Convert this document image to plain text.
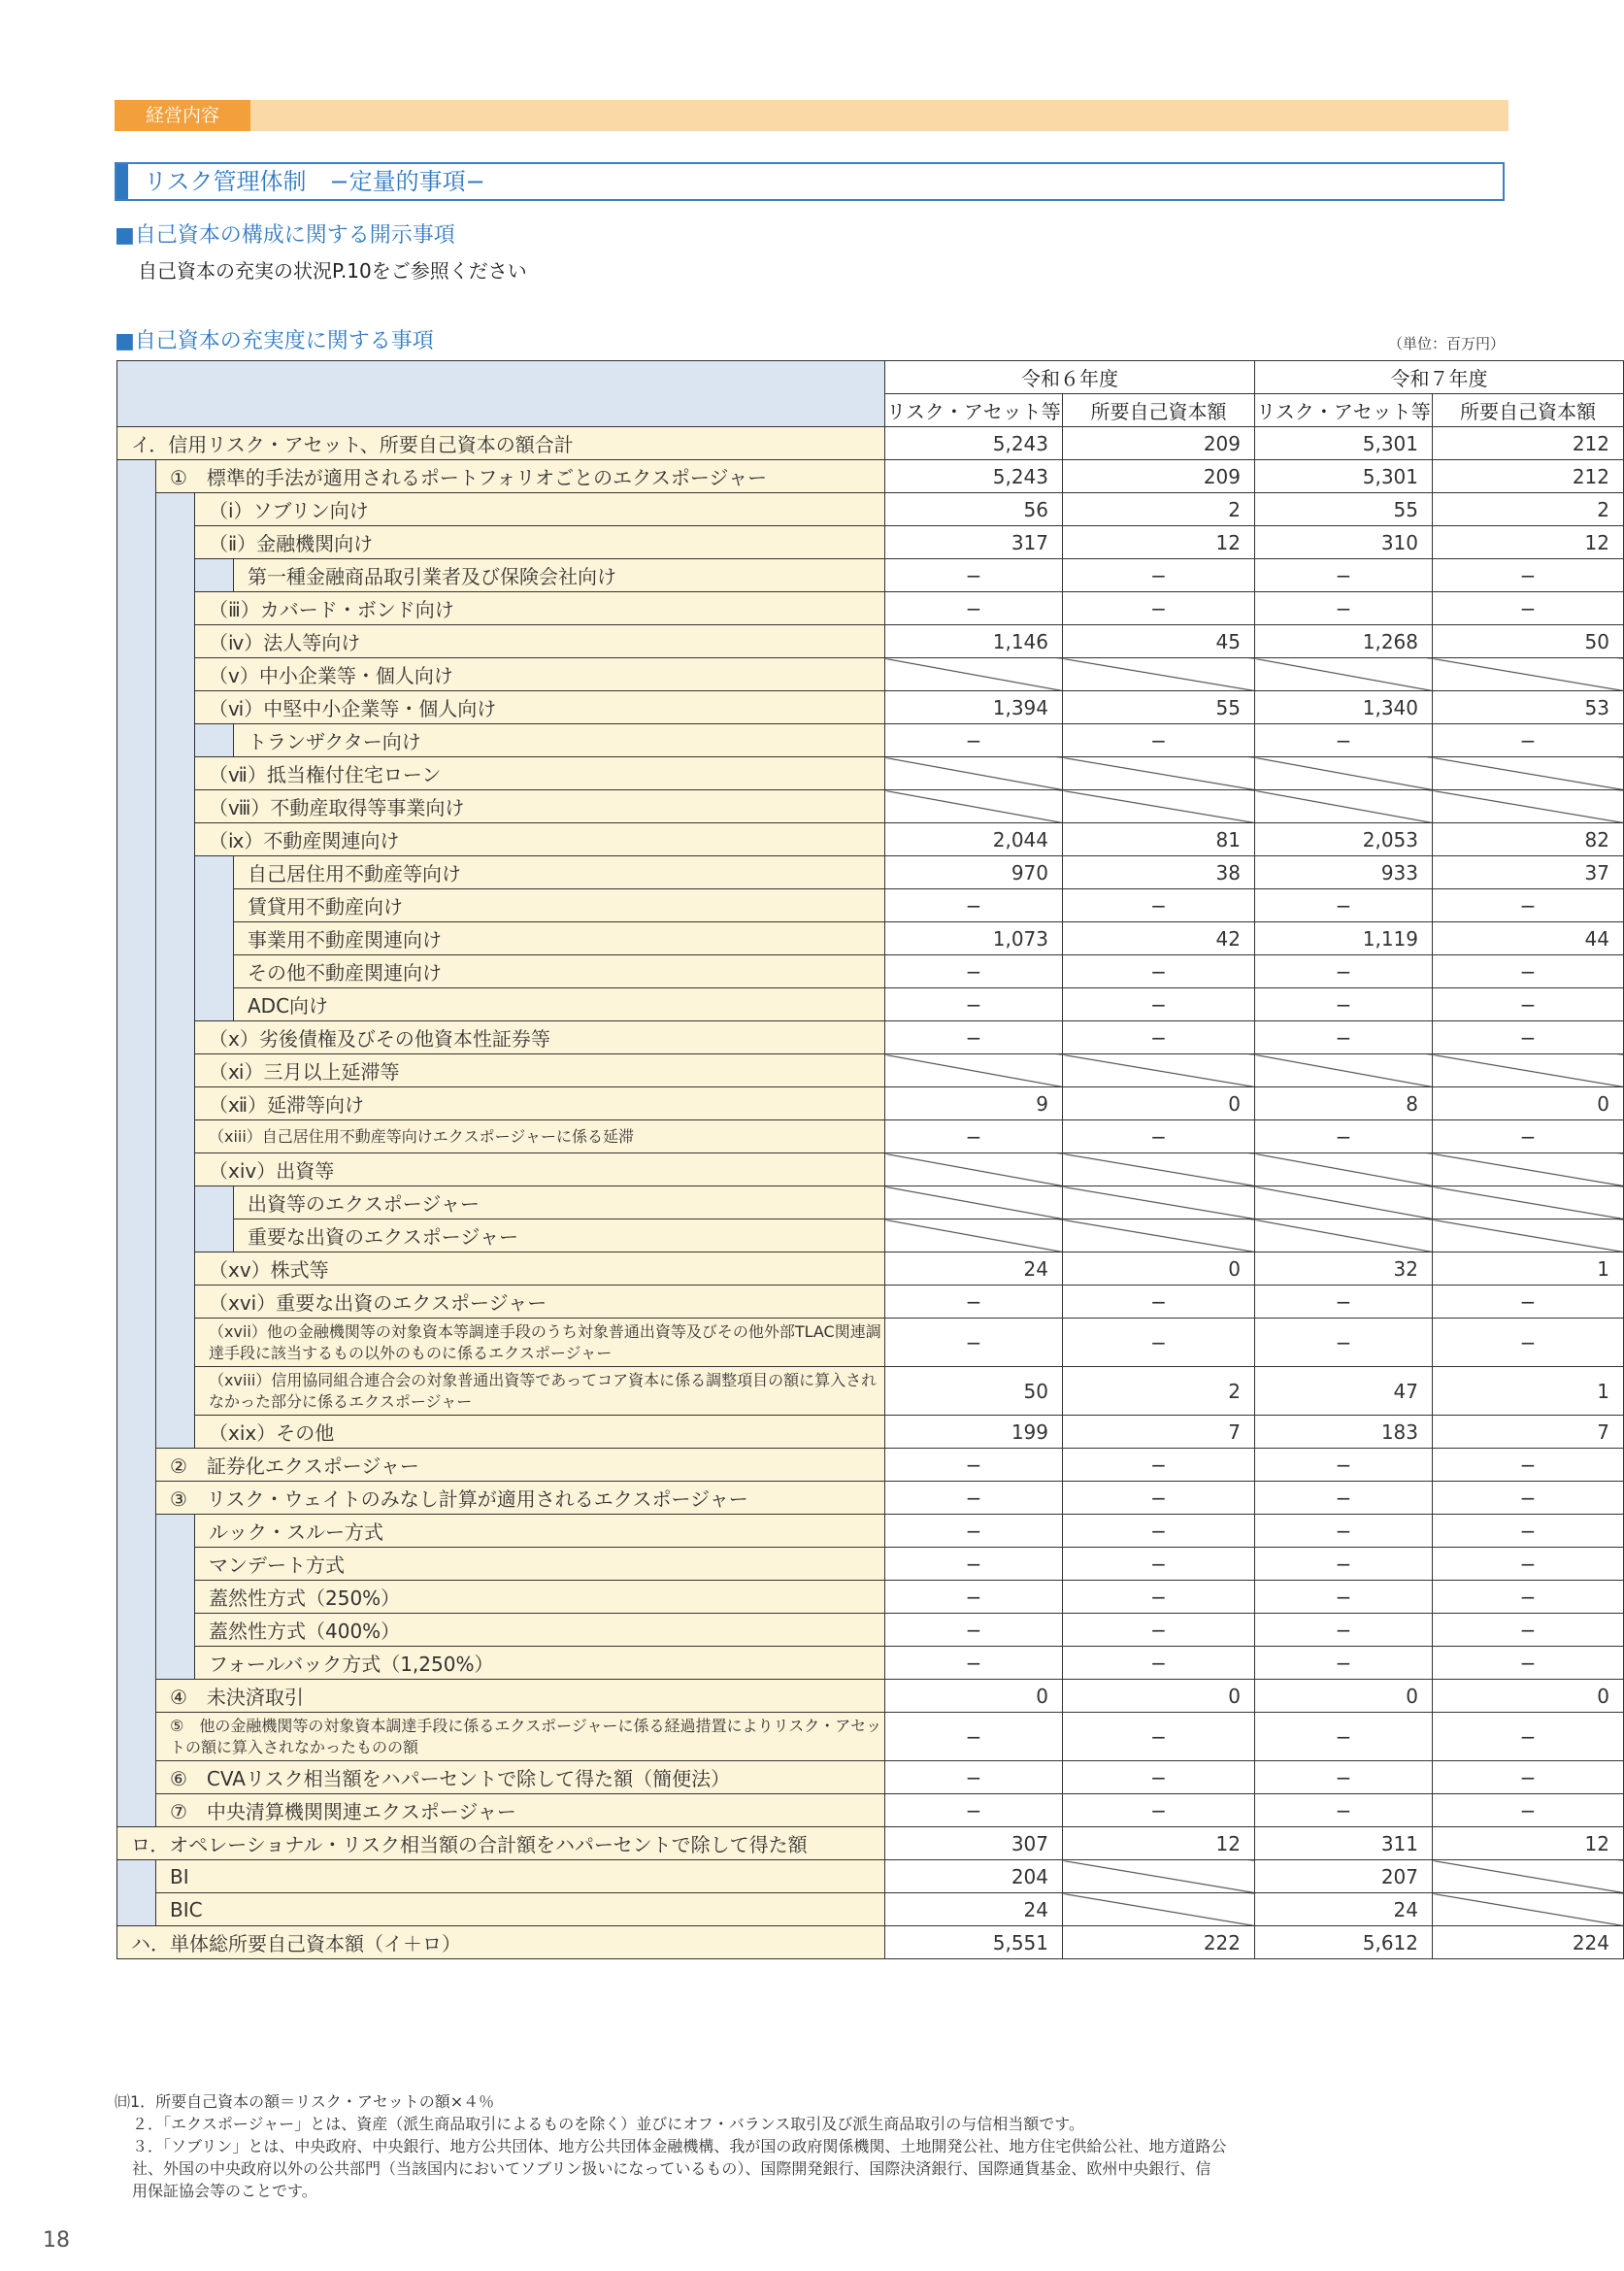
経営内容
リスク管理体制　−定量的事項−
■自己資本の構成に関する開示事項
自己資本の充実の状況P.10をご参照ください
■自己資本の充実度に関する事項	（単位：百万円）
				令和６年度		令和７年度	
				リスク・アセット等	所要自己資本額	リスク・アセット等	所要自己資本額
イ．信用リスク・アセット、所要自己資本の額合計				5,243	209	5,301	212
	①　標準的手法が適用されるポートフォリオごとのエクスポージャー			5,243	209	5,301	212
		（ⅰ）ソブリン向け		56	2	55	2
		（ⅱ）金融機関向け		317	12	310	12
			第一種金融商品取引業者及び保険会社向け	−	−	−	−
		（ⅲ）カバード・ボンド向け		−	−	−	−
		（ⅳ）法人等向け		1,146	45	1,268	50
		（ⅴ）中小企業等・個人向け					
		（ⅵ）中堅中小企業等・個人向け		1,394	55	1,340	53
			トランザクター向け	−	−	−	−
		（ⅶ）抵当権付住宅ローン					
		（ⅷ）不動産取得等事業向け					
		（ⅸ）不動産関連向け		2,044	81	2,053	82
			自己居住用不動産等向け	970	38	933	37
			賃貸用不動産向け	−	−	−	−
			事業用不動産関連向け	1,073	42	1,119	44
			その他不動産関連向け	−	−	−	−
			ADC向け	−	−	−	−
		（ⅹ）劣後債権及びその他資本性証券等		−	−	−	−
		（ⅺ）三月以上延滞等					
		（ⅻ）延滞等向け		9	0	8	0
		（xiii）自己居住用不動産等向けエクスポージャーに係る延滞		−	−	−	−
		（xiv）出資等					
			出資等のエクスポージャー				
			重要な出資のエクスポージャー				
		（xv）株式等		24	0	32	1
		（xvi）重要な出資のエクスポージャー		−	−	−	−
		（xvii）他の金融機関等の対象資本等調達手段のうち対象普通出資等及びその他外部TLAC関連調達手段に該当するもの以外のものに係るエクスポージャー		−	−	−	−
		（xviii）信用協同組合連合会の対象普通出資等であってコア資本に係る調整項目の額に算入されなかった部分に係るエクスポージャー		50	2	47	1
		（xix）その他		199	7	183	7
	②　証券化エクスポージャー			−	−	−	−
	③　リスク・ウェイトのみなし計算が適用されるエクスポージャー			−	−	−	−
		ルック・スルー方式		−	−	−	−
		マンデート方式		−	−	−	−
		蓋然性方式（250%）		−	−	−	−
		蓋然性方式（400%）		−	−	−	−
		フォールバック方式（1,250%）		−	−	−	−
	④　未決済取引			0	0	0	0
	⑤　他の金融機関等の対象資本調達手段に係るエクスポージャーに係る経過措置によりリスク・アセットの額に算入されなかったものの額			−	−	−	−
	⑥　CVAリスク相当額をハパーセントで除して得た額（簡便法）			−	−	−	−
	⑦　中央清算機関関連エクスポージャー			−	−	−	−
ロ．オペレーショナル・リスク相当額の合計額をハパーセントで除して得た額				307	12	311	12
	BI			204		207	
	BIC			24		24	
ハ．単体総所要自己資本額（イ＋ロ）				5,551	222	5,612	224
㈰1．所要自己資本の額＝リスク・アセットの額×４％
２．「エクスポージャー」とは、資産（派生商品取引によるものを除く）並びにオフ・バランス取引及び派生商品取引の与信相当額です。
３．「ソブリン」とは、中央政府、中央銀行、地方公共団体、地方公共団体金融機構、我が国の政府関係機関、土地開発公社、地方住宅供給公社、地方道路公
社、外国の中央政府以外の公共部門（当該国内においてソブリン扱いになっているもの）、国際開発銀行、国際決済銀行、国際通貨基金、欧州中央銀行、信
用保証協会等のことです。
18
